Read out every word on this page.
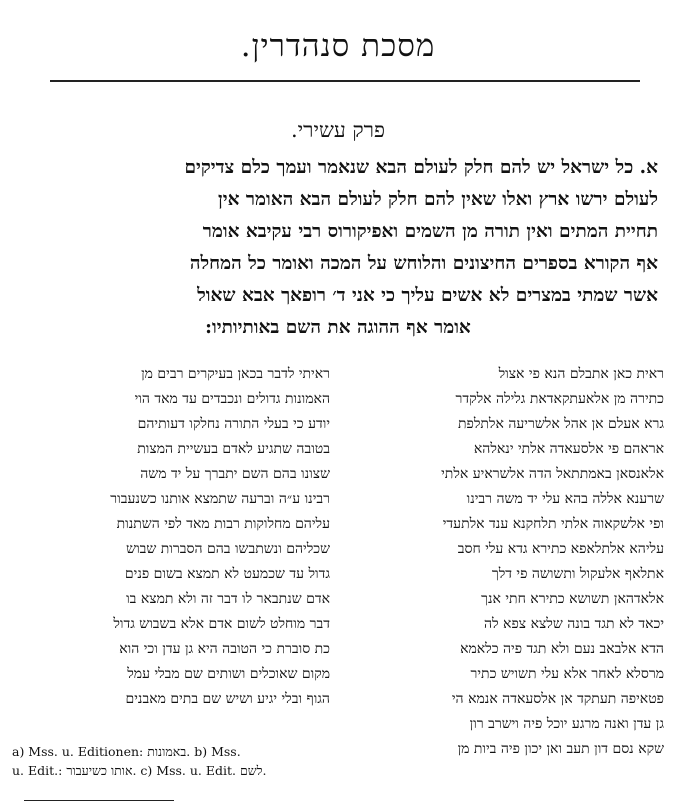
מסכת סנהדרין.
פרק עשירי.
א. כל ישראל יש להם חלק לעולם הבא שנאמר ועמך כלם צדיקים
לעולם ירשו ארץ ואלו שאין להם חלק לעולם הבא האומר אין
תחיית המתים ואין תורה מן השמים ואפיקורוס רבי עקיבא אומר
אף הקורא בספרים החיצונים והלוחש על המכה ואומר כל המחלה
אשר שמתי במצרים לא אשים עליך כי אני ד׳ רופאך אבא שאול
אומר אף ההוגה את השם באותיותיו:
ראית כאן אתבלם הנא פי אצול
כתירה מן אלאעתקאדאת גלילה אלקדר
גרא אעלם אן אהל אלשריעה אלתלפת
אראהם פי אלסעאדה אלתי ינאלהא
אלאנסאן באמתתאל הדה אלשראיע אלתי
שרענא אללה בהא עלי יד משה רבינו
ופי אלשקאוה אלתי תלחקנא ענד אלתעדי
עליהא אלתלאפא כתירא גדא עלי חסב
אתלאף אלעקול ותשושה פי דלך
אלאדהאן תשושא כתירא חתי אנך
יכאד לא תגד בונה שלצא צפא לה
הדא אלבאב נעם ולא תגד פיה כלאמא
מרסלא לאחר אלא עלי תשויש כתיר
פטאיפה תעתקד אן אלסעאדה אנמא הי
גן עדן ואנה מרגע יוכל פיה וישרב רון
שקא נסם דון תעב ואן יכון פיה ביות מן
ראיתי לדבר בכאן בעיקרים רבים מן
האמונות גדולים ונכבדים עד מאד הוי
יודע כי בעלי התורה נחלקו דעותיהם
בטובה שתגיע לאדם בעשיית המצות
שצונו בהם השם יתברך על יד משה
רבינו ע״ה וברעה שתמצא אותנו כשנעבור
עליהם מחלוקות רבות מאד לפי השתנות
שכליהם ונשתבשו בהם הסברות שבוש
גדול עד שכמעט לא תמצא בשום פנים
אדם שנתבאר לו דבר זה ולא תמצא בו
דבר מוחלט לשום אדם אלא בשבוש גדול
כת סוברת כי הטובה היא גן עדן וכי הוא
מקום שאוכלים ושותים שם מבלי עמל
הגוף ובלי יגיע ושיש שם בתים מאבנים
a) Mss. u. Editionen: באמונות. b) Mss.
u. Edit.: אותו כשיעבור. c) Mss. u. Edit. לשם.
